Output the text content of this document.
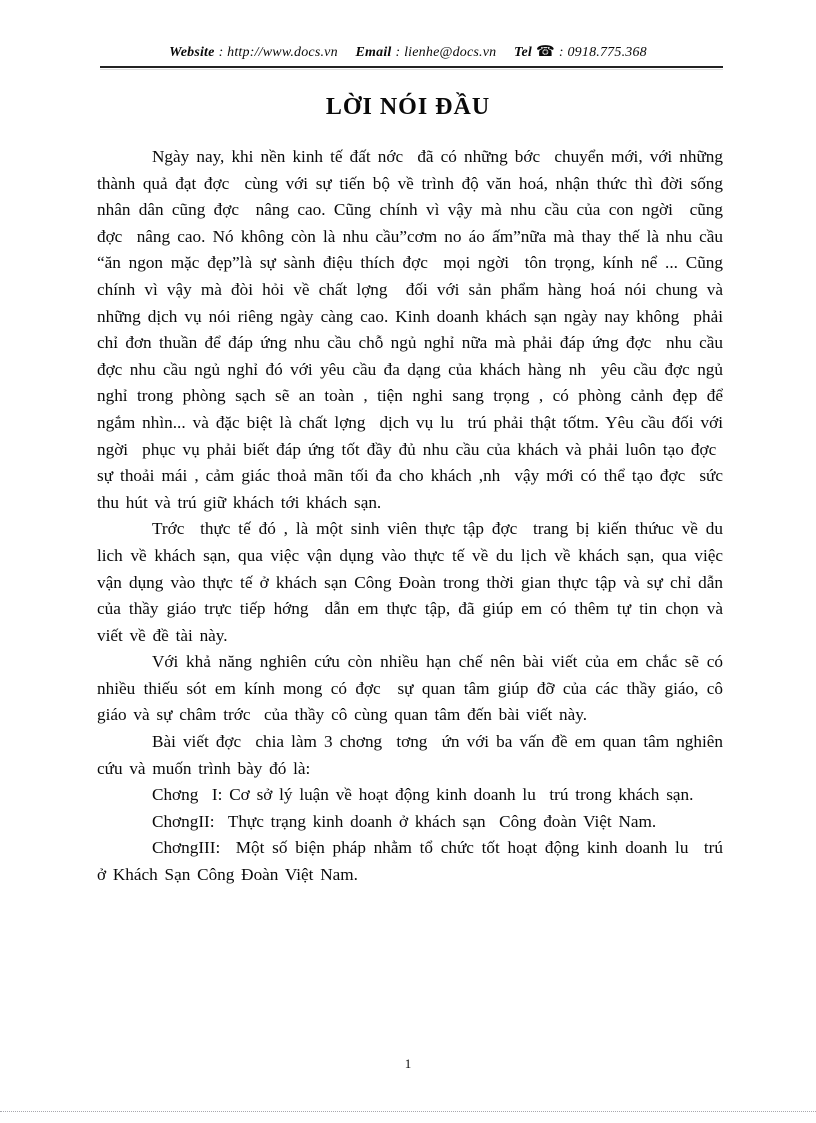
Website : http://www.docs.vn Email : lienhe@docs.vn Tel ☎ : 0918.775.368
LỜI NÓI ĐẦU

Ngày nay, khi nền kinh tế đất nớc  đã có những bớc  chuyển mới, với những thành quả đạt đợc  cùng với sự tiến bộ về trình độ văn hoá, nhận thức thì đời sống nhân dân cũng đợc  nâng cao. Cũng chính vì vậy mà nhu cầu của con ngời  cũng đợc  nâng cao. Nó không còn là nhu cầu”cơm no áo ấm”nữa mà thay thế là nhu cầu “ăn ngon mặc đẹp”là sự sành điệu thích đợc  mọi ngời  tôn trọng, kính nể ... Cũng chính vì vậy mà đòi hỏi về chất lợng  đối với sản phẩm hàng hoá nói chung và những dịch vụ nói riêng ngày càng cao. Kinh doanh khách sạn ngày nay không  phải chỉ đơn thuần để đáp ứng nhu cầu chỗ ngủ nghỉ nữa mà phải đáp ứng đợc  nhu cầu đợc nhu cầu ngủ nghỉ đó với yêu cầu đa dạng của khách hàng nh  yêu cầu đợc ngủ nghỉ trong phòng sạch sẽ an toàn , tiện nghi sang trọng , có phòng cảnh đẹp để ngắm nhìn... và đặc biệt là chất lợng  dịch vụ lu  trú phải thật tốtm. Yêu cầu đối với ngời  phục vụ phải biết đáp ứng tốt đầy đủ nhu cầu của khách và phải luôn tạo đợc  sự thoải mái , cảm giác thoả mãn tối đa cho khách ,nh  vậy mới có thể tạo đợc  sức thu hút và trú giữ khách tới khách sạn.

Trớc  thực tế đó , là một sinh viên thực tập đợc  trang bị kiến thứuc về du lich về khách sạn, qua việc vận dụng vào thực tế về du lịch về khách sạn, qua việc vận dụng vào thực tế ở khách sạn Công Đoàn trong thời gian thực tập và sự chỉ dẫn của thầy giáo trực tiếp hớng  dẫn em thực tập, đã giúp em có thêm tự tin chọn và viết về đề tài này.

Với khả năng nghiên cứu còn nhiều hạn chế nên bài viết của em chắc sẽ có nhiều thiếu sót em kính mong có đợc  sự quan tâm giúp đỡ của các thầy giáo, cô giáo và sự châm trớc  của thầy cô cùng quan tâm đến bài viết này.

Bài viết đợc  chia làm 3 chơng  tơng  ứn với ba vấn đề em quan tâm nghiên cứu và muốn trình bày đó là:

Chơng  I: Cơ sở lý luận về hoạt động kinh doanh lu  trú trong khách sạn.

ChơngII:  Thực trạng kinh doanh ở khách sạn  Công đoàn Việt Nam.

ChơngIII:  Một số biện pháp nhằm tổ chức tốt hoạt động kinh doanh lu  trú ở Khách Sạn Công Đoàn Việt Nam.

1
